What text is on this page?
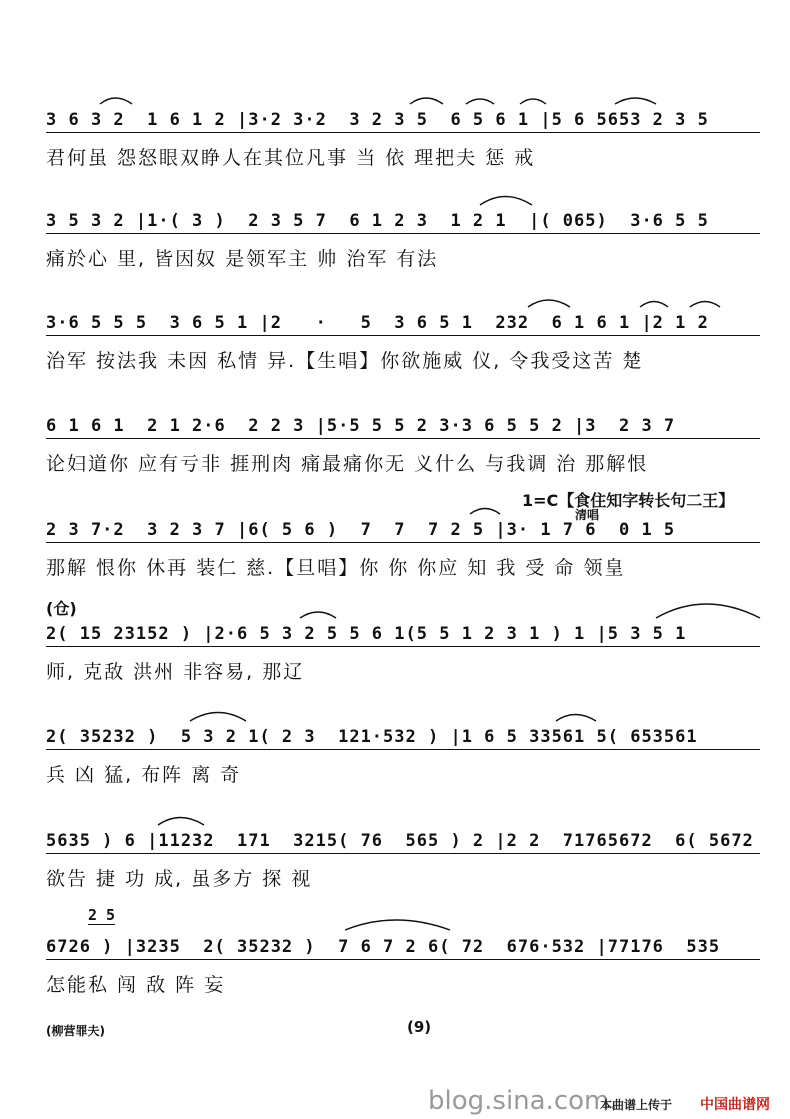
3 6 3 2  1 6 1 2 |3·2 3·2  3 2 3 5  6 5 6 1 |5 6 5653 2 3 5
君何虽 怨怒眼双睁人在其位凡事 当 依 理把夫 惩 戒
3 5 3 2 |1·( 3 )  2 3 5 7  6 1 2 3  1 2 1  |( 065)  3·6 5 5
痛於心 里, 皆因奴 是领军主 帅 治军 有法
3·6 5 5 5  3 6 5 1 |2   ·   5  3 6 5 1  232  6 1 6 1 |2 1 2
治军 按法我 未因 私情 异.【生唱】你欲施威 仪, 令我受这苦 楚
6 1 6 1  2 1 2·6  2 2 3 |5·5 5 5 2 3·3 6 5 5 2 |3  2 3 7
论妇道你 应有亏非 捱刑肉 痛最痛你无 义什么 与我调 治 那解恨
1=C【食住知字转长句二王】
清唱
2 3 7·2  3 2 3 7 |6( 5 6 )  7  7  7 2 5 |3· 1 7 6  0 1 5
那解 恨你 休再 装仁 慈.【旦唱】你 你 你应 知 我 受 命 领皇
(仓)
2( 15 23152 ) |2·6 5 3 2 5 5 6 1(5 5 1 2 3 1 ) 1 |5 3 5 1
师, 克敌 洪州 非容易, 那辽
2( 35232 )  5 3 2 1( 2 3  121·532 ) |1 6 5 33561 5( 653561
兵 凶 猛, 布阵 离 奇
5635 ) 6 |11232  171  3215( 76  565 ) 2 |2 2  71765672  6( 5672
欲告 捷 功 成, 虽多方 探 视
2 5
6726 ) |3235  2( 35232 )  7 6 7 2 6( 72  676·532 |77176  535
怎能私 闯 敌 阵 妄
(柳营罪夫)	(9)
blog.sina.com.
本曲谱上传于 中国曲谱网
